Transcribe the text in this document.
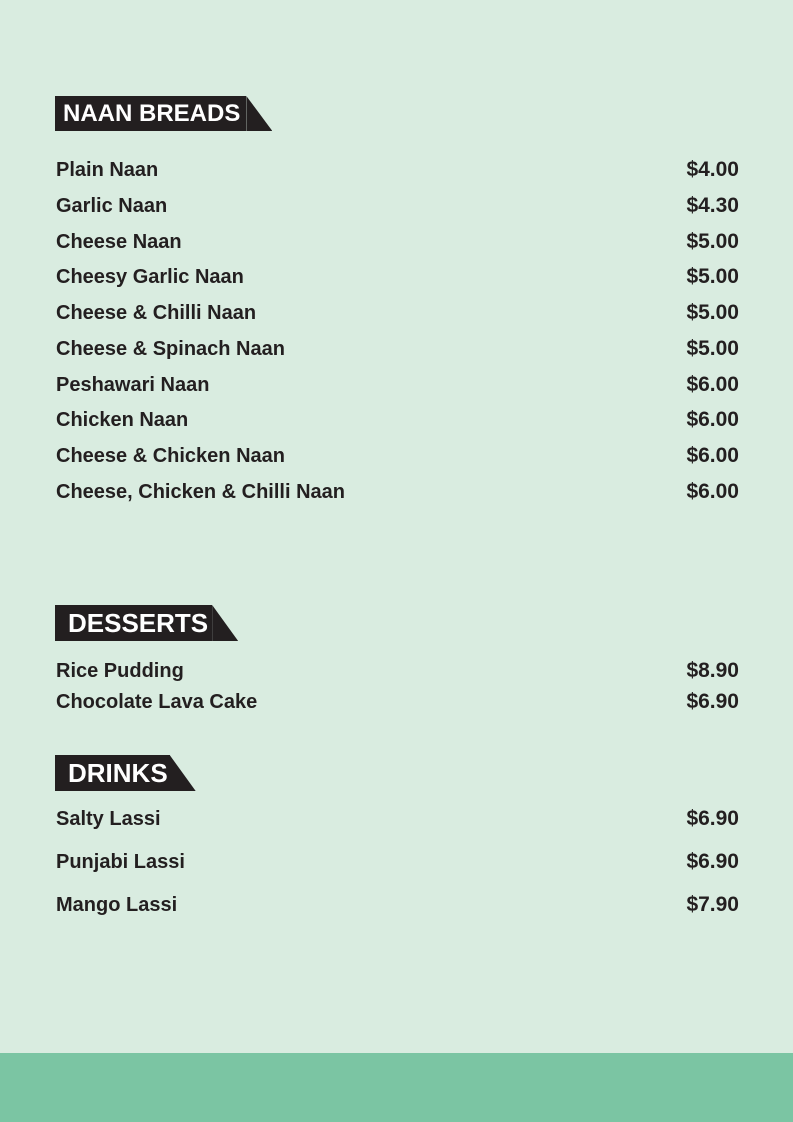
NAAN BREADS
Plain Naan	$4.00
Garlic Naan	$4.30
Cheese Naan	$5.00
Cheesy Garlic Naan	$5.00
Cheese & Chilli Naan	$5.00
Cheese & Spinach Naan	$5.00
Peshawari Naan	$6.00
Chicken Naan	$6.00
Cheese & Chicken Naan	$6.00
Cheese, Chicken & Chilli Naan	$6.00
DESSERTS
Rice Pudding	$8.90
Chocolate Lava Cake	$6.90
DRINKS
Salty Lassi	$6.90
Punjabi Lassi	$6.90
Mango Lassi	$7.90
